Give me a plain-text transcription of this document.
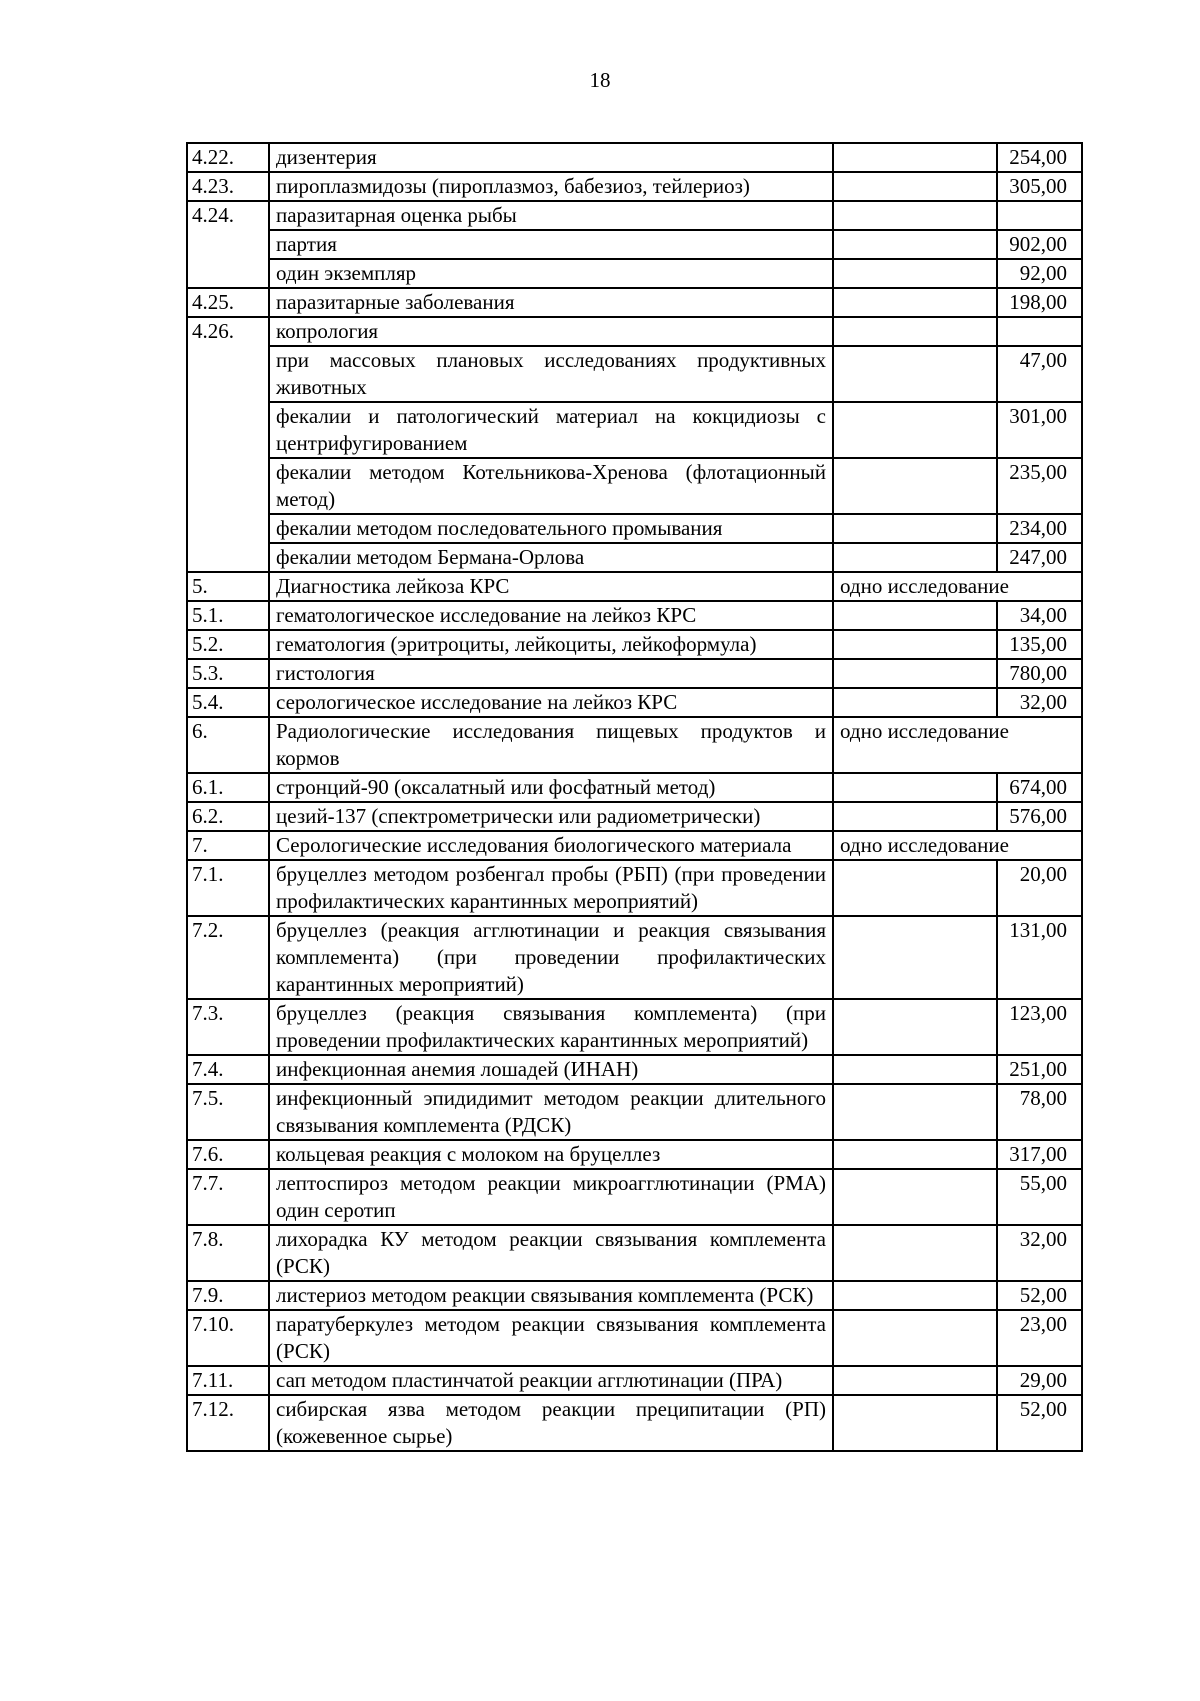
18
4.22.	дизентерия		254,00
4.23.	пироплазмидозы (пироплазмоз, бабезиоз, тейлериоз)		305,00
4.24.	паразитарная оценка рыбы		
	партия		902,00
	один экземпляр		92,00
4.25.	паразитарные заболевания		198,00
4.26.	копрология		
	при массовых плановых исследованиях продуктивных животных		47,00
	фекалии и патологический материал на кокцидиозы с центрифугированием		301,00
	фекалии методом Котельникова-Хренова (флотационный метод)		235,00
	фекалии методом последовательного промывания		234,00
	фекалии методом Бермана-Орлова		247,00
5.	Диагностика лейкоза КРС	одно исследование	
5.1.	гематологическое исследование на лейкоз КРС		34,00
5.2.	гематология (эритроциты, лейкоциты, лейкоформула)		135,00
5.3.	гистология		780,00
5.4.	серологическое исследование на лейкоз КРС		32,00
6.	Радиологические исследования пищевых продуктов и кормов	одно исследование	
6.1.	стронций-90 (оксалатный или фосфатный метод)		674,00
6.2.	цезий-137 (спектрометрически или радиометрически)		576,00
7.	Серологические исследования биологического материала	одно исследование	
7.1.	бруцеллез методом розбенгал пробы (РБП) (при проведении профилактических карантинных мероприятий)		20,00
7.2.	бруцеллез (реакция агглютинации и реакция связывания комплемента) (при проведении профилактических карантинных мероприятий)		131,00
7.3.	бруцеллез (реакция связывания комплемента) (при проведении профилактических карантинных мероприятий)		123,00
7.4.	инфекционная анемия лошадей (ИНАН)		251,00
7.5.	инфекционный эпидидимит методом реакции длительного связывания комплемента (РДСК)		78,00
7.6.	кольцевая реакция с молоком на бруцеллез		317,00
7.7.	лептоспироз методом реакции микроагглютинации (РМА) один серотип		55,00
7.8.	лихорадка КУ методом реакции связывания комплемента (РСК)		32,00
7.9.	листериоз методом реакции связывания комплемента (РСК)		52,00
7.10.	паратуберкулез методом реакции связывания комплемента (РСК)		23,00
7.11.	сап методом пластинчатой реакции агглютинации (ПРА)		29,00
7.12.	сибирская язва методом реакции преципитации (РП) (кожевенное сырье)		52,00
